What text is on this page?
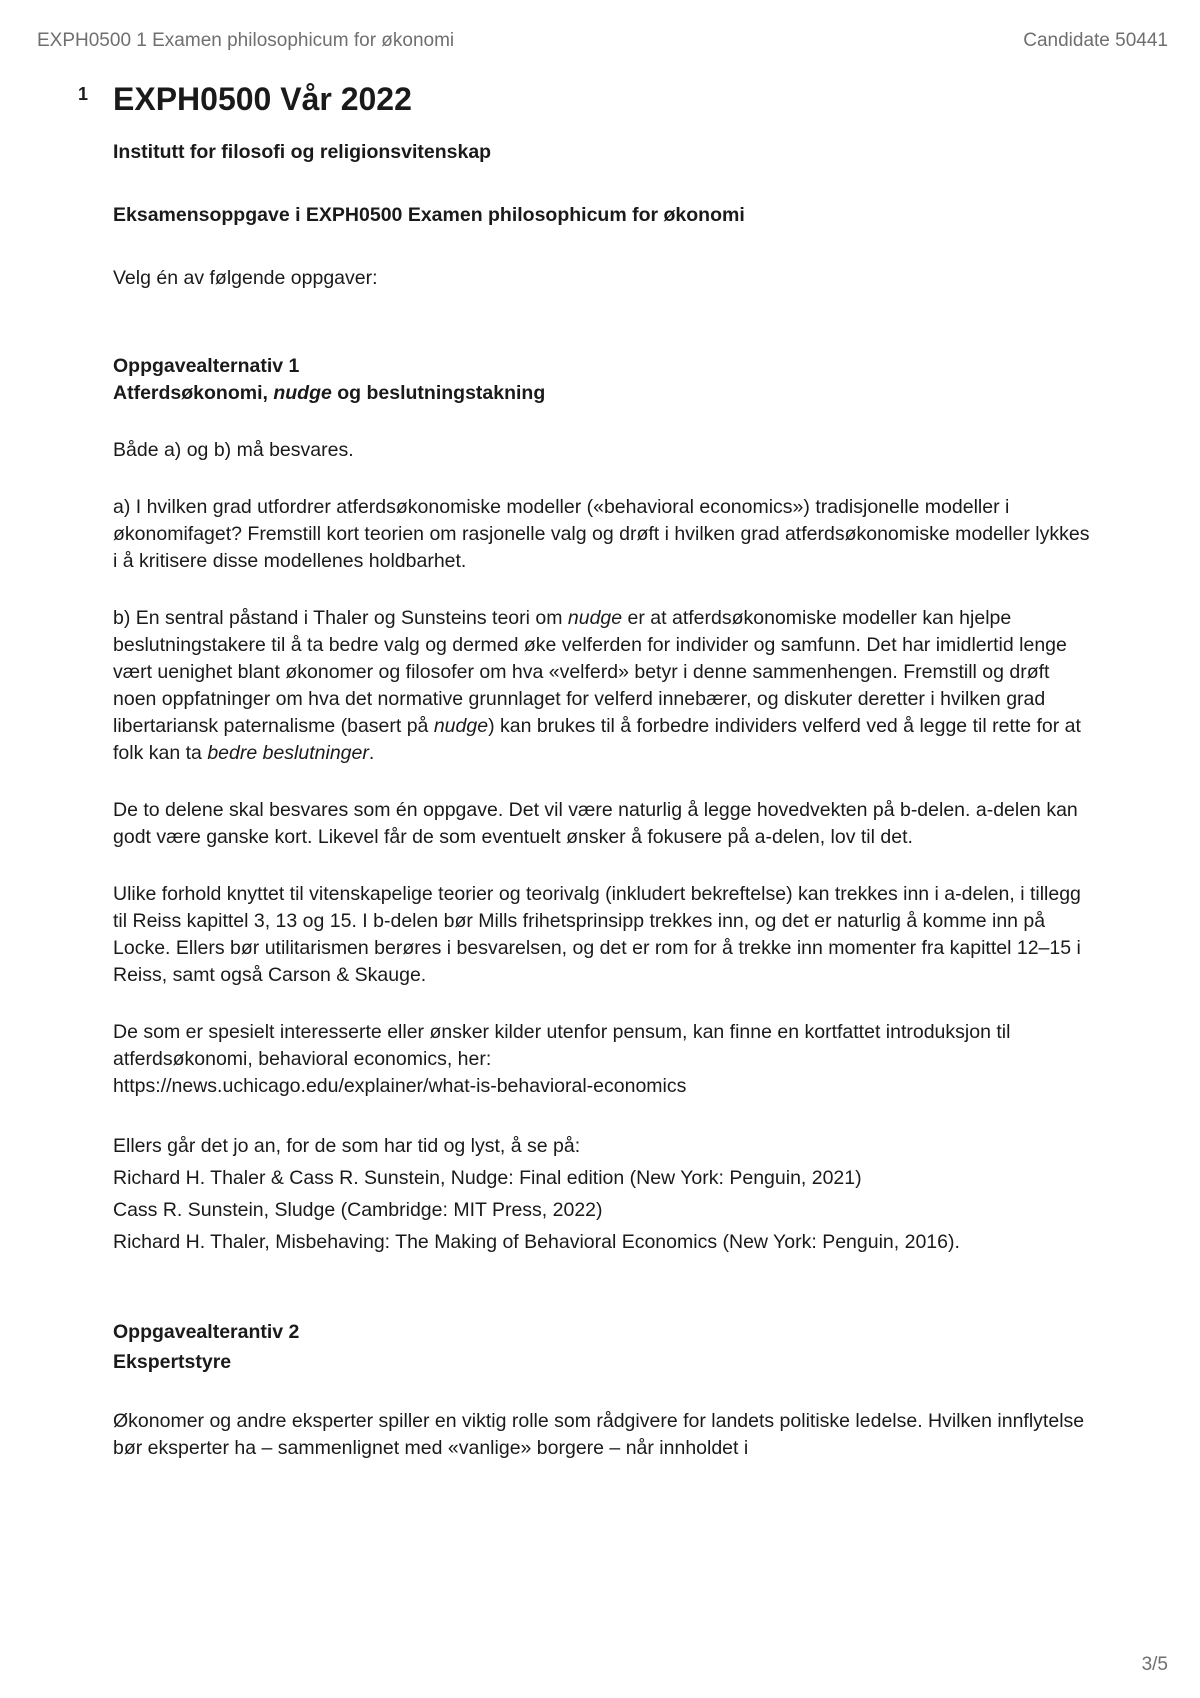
EXPH0500 1 Examen philosophicum for økonomi	Candidate 50441
1 EXPH0500 Vår 2022

Institutt for filosofi og religionsvitenskap

Eksamensoppgave i EXPH0500 Examen philosophicum for økonomi

Velg én av følgende oppgaver:

Oppgavealternativ 1

Atferdsøkonomi, nudge og beslutningstakning

Både a) og b) må besvares.

a) I hvilken grad utfordrer atferdsøkonomiske modeller («behavioral economics») tradisjonelle modeller i økonomifaget? Fremstill kort teorien om rasjonelle valg og drøft i hvilken grad atferdsøkonomiske modeller lykkes i å kritisere disse modellenes holdbarhet.

b) En sentral påstand i Thaler og Sunsteins teori om nudge er at atferdsøkonomiske modeller kan hjelpe beslutningstakere til å ta bedre valg og dermed øke velferden for individer og samfunn. Det har imidlertid lenge vært uenighet blant økonomer og filosofer om hva «velferd» betyr i denne sammenhengen. Fremstill og drøft noen oppfatninger om hva det normative grunnlaget for velferd innebærer, og diskuter deretter i hvilken grad libertariansk paternalisme (basert på nudge) kan brukes til å forbedre individers velferd ved å legge til rette for at folk kan ta bedre beslutninger.

De to delene skal besvares som én oppgave. Det vil være naturlig å legge hovedvekten på b-delen. a-delen kan godt være ganske kort. Likevel får de som eventuelt ønsker å fokusere på a-delen, lov til det.

Ulike forhold knyttet til vitenskapelige teorier og teorivalg (inkludert bekreftelse) kan trekkes inn i a-delen, i tillegg til Reiss kapittel 3, 13 og 15. I b-delen bør Mills frihetsprinsipp trekkes inn, og det er naturlig å komme inn på Locke. Ellers bør utilitarismen berøres i besvarelsen, og det er rom for å trekke inn momenter fra kapittel 12–15 i Reiss, samt også Carson & Skauge.

De som er spesielt interesserte eller ønsker kilder utenfor pensum, kan finne en kortfattet introduksjon til atferdsøkonomi, behavioral economics, her:

https://news.uchicago.edu/explainer/what-is-behavioral-economics

Ellers går det jo an, for de som har tid og lyst, å se på:

Richard H. Thaler & Cass R. Sunstein, Nudge: Final edition (New York: Penguin, 2021)

Cass R. Sunstein, Sludge (Cambridge: MIT Press, 2022)

Richard H. Thaler, Misbehaving: The Making of Behavioral Economics (New York: Penguin, 2016).

Oppgavealterantiv 2

Ekspertstyre

Økonomer og andre eksperter spiller en viktig rolle som rådgivere for landets politiske ledelse. Hvilken innflytelse bør eksperter ha – sammenlignet med «vanlige» borgere – når innholdet i

3/5
